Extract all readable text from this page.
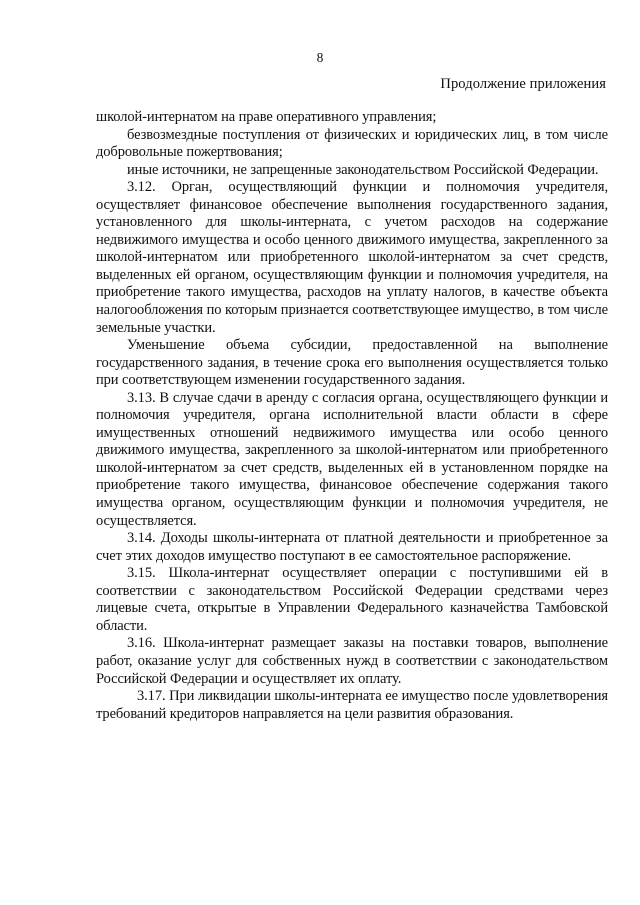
8
Продолжение приложения

школой-интернатом на праве оперативного управления;

безвозмездные поступления от физических и юридических лиц, в том числе добровольные пожертвования;

иные источники, не запрещенные законодательством Российской Федерации.

3.12. Орган, осуществляющий функции и полномочия учредителя, осуществляет финансовое обеспечение выполнения государственного задания, установленного для школы-интерната, с учетом расходов на содержание недвижимого имущества и особо ценного движимого имущества, закрепленного за школой-интернатом или приобретенного школой-интернатом за счет средств, выделенных ей органом, осуществляющим функции и полномочия учредителя, на приобретение такого имущества, расходов на уплату налогов, в качестве объекта налогообложения по которым признается соответствующее имущество, в том числе земельные участки.

Уменьшение объема субсидии, предоставленной на выполнение государственного задания, в течение срока его выполнения осуществляется только при соответствующем изменении государственного задания.

3.13. В случае сдачи в аренду с согласия органа, осуществляющего функции и полномочия учредителя, органа исполнительной власти области в сфере имущественных отношений недвижимого имущества или особо ценного движимого имущества, закрепленного за школой-интернатом или приобретенного школой-интернатом за счет средств, выделенных ей в установленном порядке на приобретение такого имущества, финансовое обеспечение содержания такого имущества органом, осуществляющим функции и полномочия учредителя, не осуществляется.

3.14. Доходы школы-интерната от платной деятельности и приобретенное за счет этих доходов имущество поступают в ее самостоятельное распоряжение.

3.15. Школа-интернат осуществляет операции с поступившими ей в соответствии с законодательством Российской Федерации средствами через лицевые счета, открытые в Управлении Федерального казначейства Тамбовской области.

3.16. Школа-интернат размещает заказы на поставки товаров, выполнение работ, оказание услуг для собственных нужд в соответствии с законодательством Российской Федерации и осуществляет их оплату.

3.17. При ликвидации школы-интерната ее имущество после удовлетворения требований кредиторов направляется на цели развития образования.
